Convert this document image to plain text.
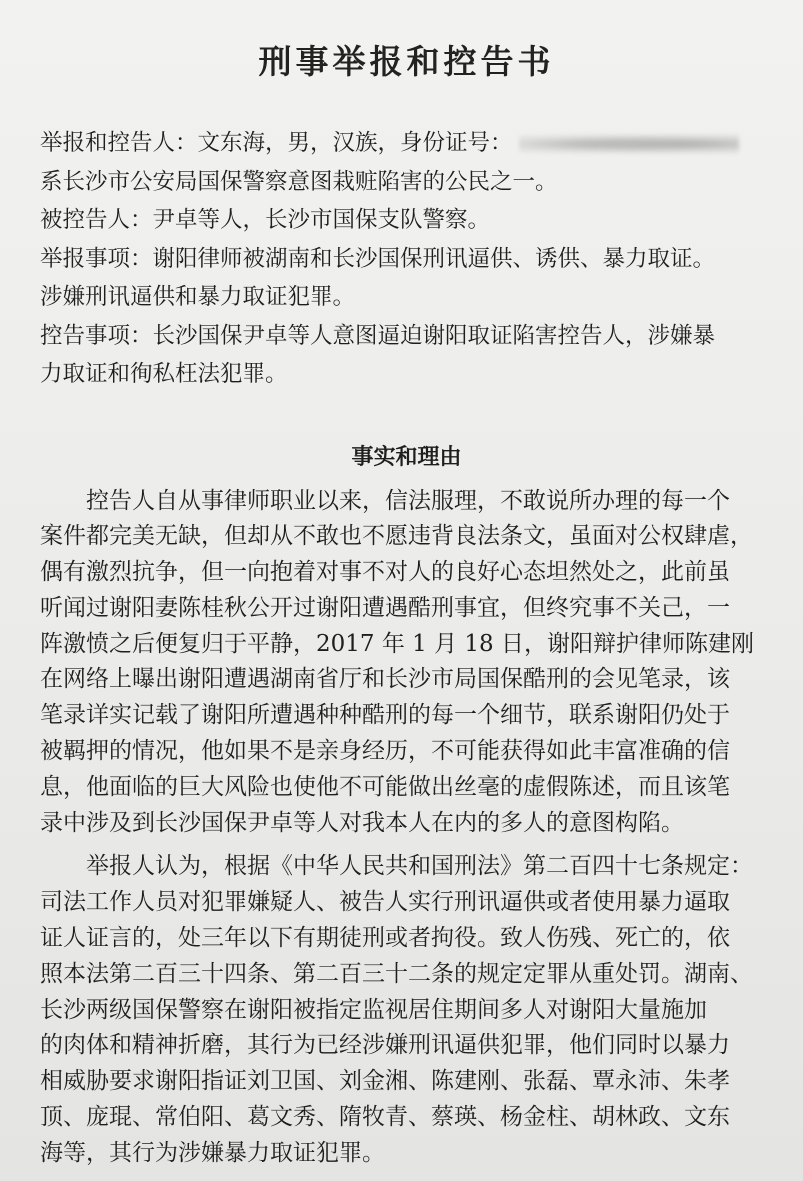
刑事举报和控告书

举报和控告人：文东海，男，汉族，身份证号：

系长沙市公安局国保警察意图栽赃陷害的公民之一。

被控告人：尹卓等人，长沙市国保支队警察。

举报事项：谢阳律师被湖南和长沙国保刑讯逼供、诱供、暴力取证。

涉嫌刑讯逼供和暴力取证犯罪。

控告事项：长沙国保尹卓等人意图逼迫谢阳取证陷害控告人，涉嫌暴

力取证和徇私枉法犯罪。

事实和理由
控告人自从事律师职业以来，信法服理，不敢说所办理的每一个
案件都完美无缺，但却从不敢也不愿违背良法条文，虽面对公权肆虐，
偶有激烈抗争，但一向抱着对事不对人的良好心态坦然处之，此前虽
听闻过谢阳妻陈桂秋公开过谢阳遭遇酷刑事宜，但终究事不关己，一
阵激愤之后便复归于平静，2017 年 1 月 18 日，谢阳辩护律师陈建刚
在网络上曝出谢阳遭遇湖南省厅和长沙市局国保酷刑的会见笔录，该
笔录详实记载了谢阳所遭遇种种酷刑的每一个细节，联系谢阳仍处于
被羁押的情况，他如果不是亲身经历，不可能获得如此丰富准确的信
息，他面临的巨大风险也使他不可能做出丝毫的虚假陈述，而且该笔
录中涉及到长沙国保尹卓等人对我本人在内的多人的意图构陷。
举报人认为，根据《中华人民共和国刑法》第二百四十七条规定：
司法工作人员对犯罪嫌疑人、被告人实行刑讯逼供或者使用暴力逼取
证人证言的，处三年以下有期徒刑或者拘役。致人伤残、死亡的，依
照本法第二百三十四条、第二百三十二条的规定定罪从重处罚。湖南、
长沙两级国保警察在谢阳被指定监视居住期间多人对谢阳大量施加
的肉体和精神折磨，其行为已经涉嫌刑讯逼供犯罪，他们同时以暴力
相威胁要求谢阳指证刘卫国、刘金湘、陈建刚、张磊、覃永沛、朱孝
顶、庞琨、常伯阳、葛文秀、隋牧青、蔡瑛、杨金柱、胡林政、文东
海等，其行为涉嫌暴力取证犯罪。
